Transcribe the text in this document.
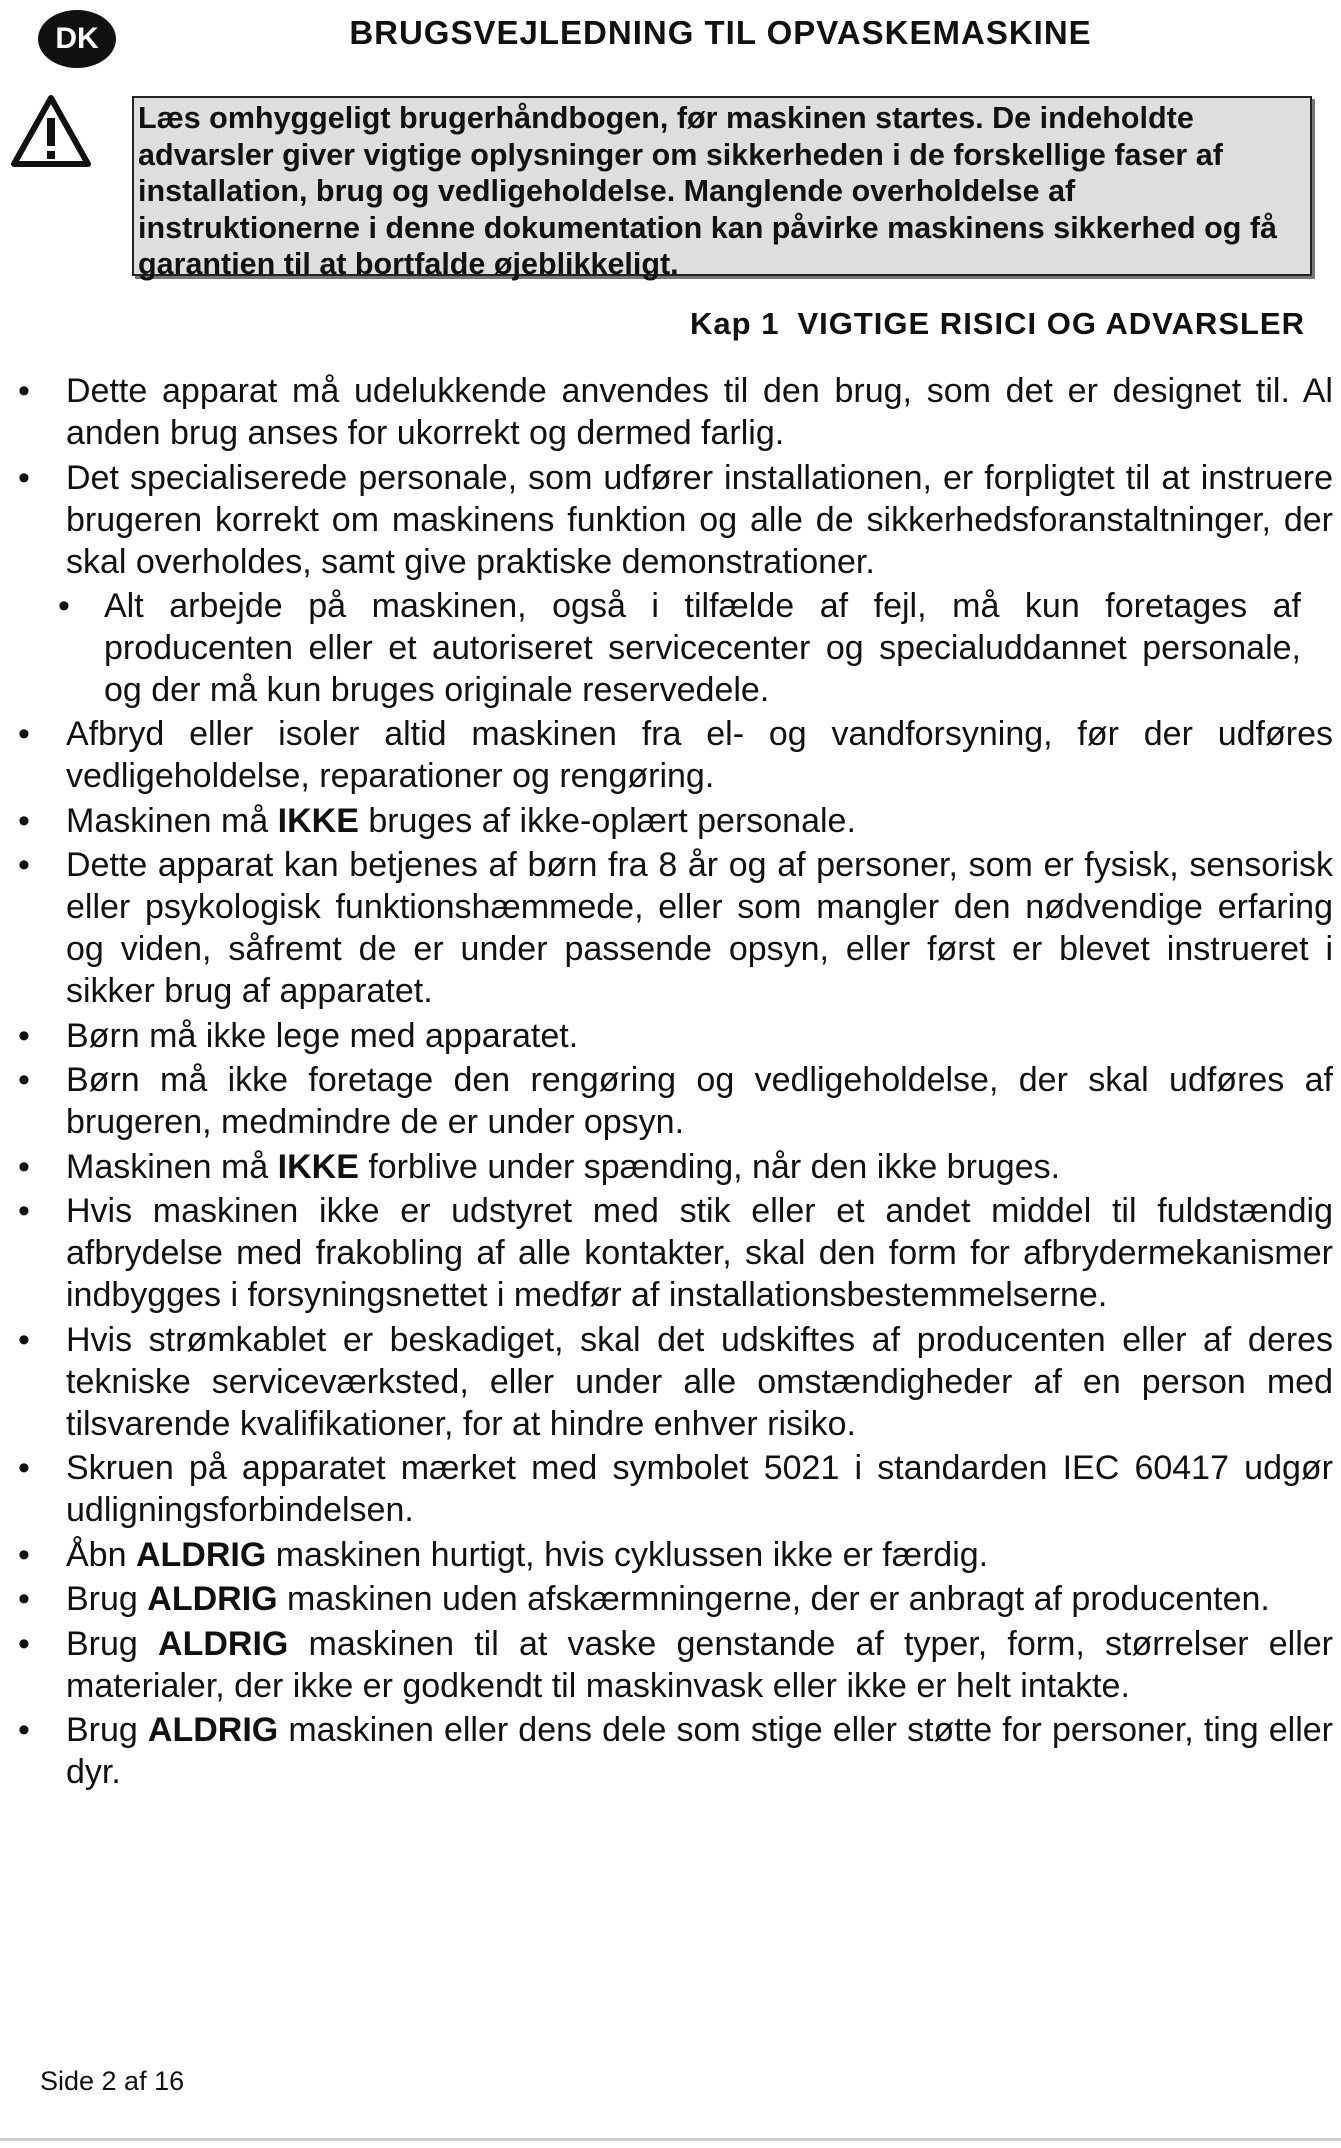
DK	BRUGSVEJLEDNING TIL OPVASKEMASKINE
Læs omhyggeligt brugerhåndbogen, før maskinen startes. De indeholdte advarsler giver vigtige oplysninger om sikkerheden i de forskellige faser af installation, brug og vedligeholdelse. Manglende overholdelse af instruktionerne i denne dokumentation kan påvirke maskinens sikkerhed og få garantien til at bortfalde øjeblikkeligt.
Kap 1 VIGTIGE RISICI OG ADVARSLER
• Dette apparat må udelukkende anvendes til den brug, som det er designet til. Al anden brug anses for ukorrekt og dermed farlig.
• Det specialiserede personale, som udfører installationen, er forpligtet til at instruere brugeren korrekt om maskinens funktion og alle de sikkerhedsforanstaltninger, der skal overholdes, samt give praktiske demonstrationer.
• Alt arbejde på maskinen, også i tilfælde af fejl, må kun foretages af producenten eller et autoriseret servicecenter og specialuddannet personale, og der må kun bruges originale reservedele.
• Afbryd eller isoler altid maskinen fra el- og vandforsyning, før der udføres vedligeholdelse, reparationer og rengøring.
• Maskinen må IKKE bruges af ikke-oplært personale.
• Dette apparat kan betjenes af børn fra 8 år og af personer, som er fysisk, sensorisk eller psykologisk funktionshæmmede, eller som mangler den nødvendige erfaring og viden, såfremt de er under passende opsyn, eller først er blevet instrueret i sikker brug af apparatet.
• Børn må ikke lege med apparatet.
• Børn må ikke foretage den rengøring og vedligeholdelse, der skal udføres af brugeren, medmindre de er under opsyn.
• Maskinen må IKKE forblive under spænding, når den ikke bruges.
• Hvis maskinen ikke er udstyret med stik eller et andet middel til fuldstændig afbrydelse med frakobling af alle kontakter, skal den form for afbrydermekanismer indbygges i forsyningsnettet i medfør af installationsbestemmelserne.
• Hvis strømkablet er beskadiget, skal det udskiftes af producenten eller af deres tekniske serviceværksted, eller under alle omstændigheder af en person med tilsvarende kvalifikationer, for at hindre enhver risiko.
• Skruen på apparatet mærket med symbolet 5021 i standarden IEC 60417 udgør udligningsforbindelsen.
• Åbn ALDRIG maskinen hurtigt, hvis cyklussen ikke er færdig.
• Brug ALDRIG maskinen uden afskærmningerne, der er anbragt af producenten.
• Brug ALDRIG maskinen til at vaske genstande af typer, form, størrelser eller materialer, der ikke er godkendt til maskinvask eller ikke er helt intakte.
• Brug ALDRIG maskinen eller dens dele som stige eller støtte for personer, ting eller dyr.
Side 2 af 16
